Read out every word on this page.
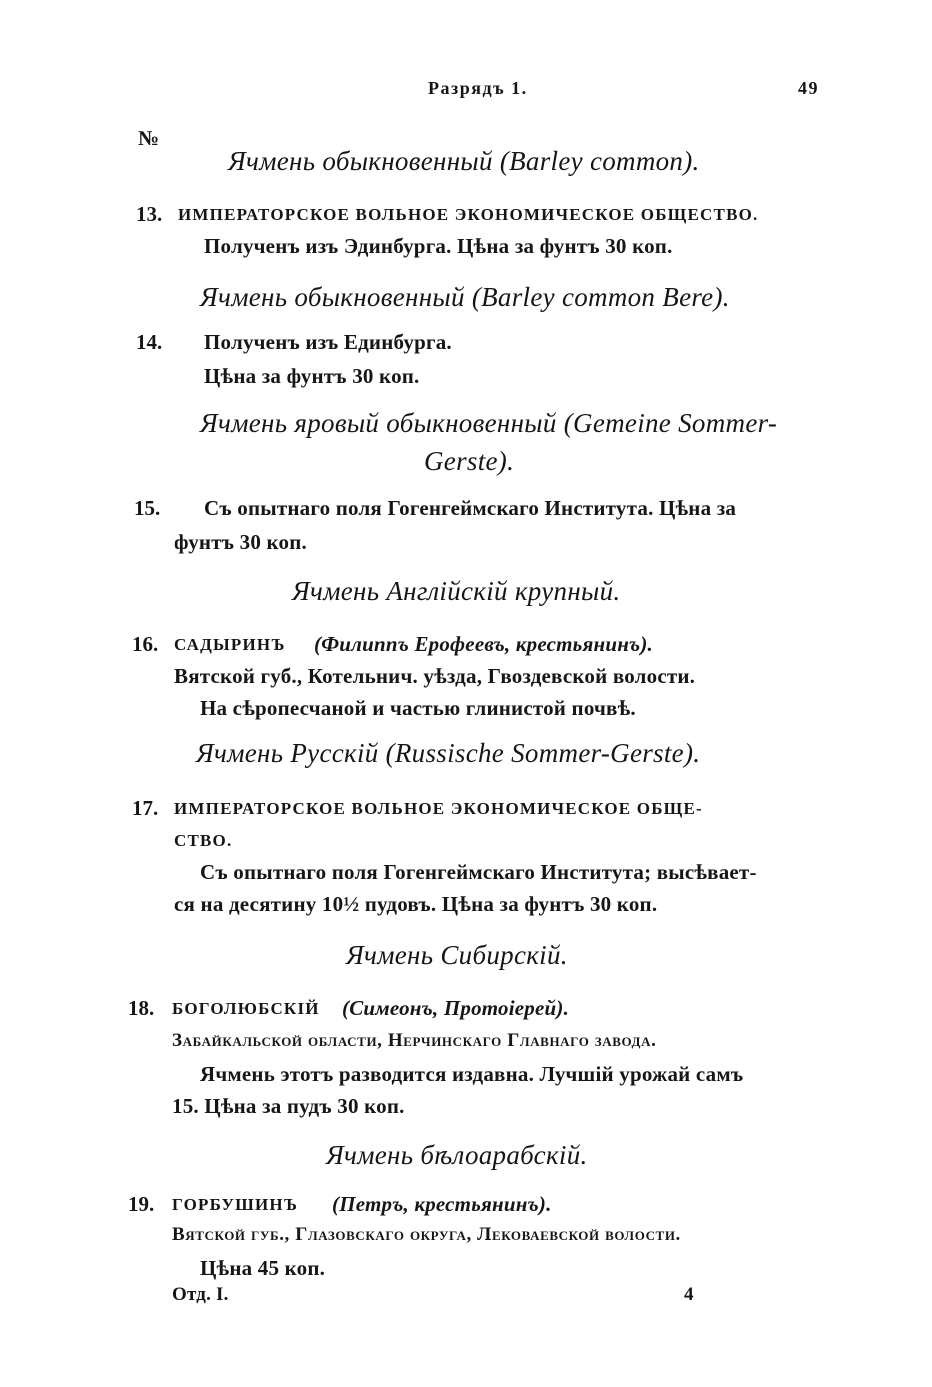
Разрядъ 1.	49
№
Ячмень обыкновенный (Barley common).
13. ИМПЕРАТОРСКОЕ ВОЛЬНОЕ ЭКОНОМИЧЕСКОЕ ОБЩЕСТВО.
Полученъ изъ Эдинбурга. Цѣна за фунтъ 30 коп.
Ячмень обыкновенный (Barley common Bere).
14. Полученъ изъ Единбурга.
Цѣна за фунтъ 30 коп.
Ячмень яровый обыкновенный (Gemeine Sommer-
Gerste).
15. Съ опытнаго поля Гогенгеймскаго Института. Цѣна за
фунтъ 30 коп.
Ячмень Англійскій крупный.
16. САДЫРИНЪ (Филиппъ Ерофеевъ, крестьянинъ).
Вятской губ., Котельнич. уѣзда, Гвоздевской волости.
На сѣропесчаной и частью глинистой почвѣ.
Ячмень Русскій (Russische Sommer-Gerste).
17. ИМПЕРАТОРСКОЕ ВОЛЬНОЕ ЭКОНОМИЧЕСКОЕ ОБЩЕ-
СТВО.
Съ опытнаго поля Гогенгеймскаго Института; высѣвает-
ся на десятину 10½ пудовъ. Цѣна за фунтъ 30 коп.
Ячмень Сибирскій.
18. БОГОЛЮБСКІЙ (Симеонъ, Протоіерей).
Забайкальской области, Нерчинскаго Главнаго завода.
Ячмень этотъ разводится издавна. Лучшій урожай самъ
15. Цѣна за пудъ 30 коп.
Ячмень бѣлоарабскій.
19. ГОРБУШИНЪ (Петръ, крестьянинъ).
Вятской губ., Глазовскаго округа, Лековаевской волости.
Цѣна 45 коп.
Отд. I.	4
